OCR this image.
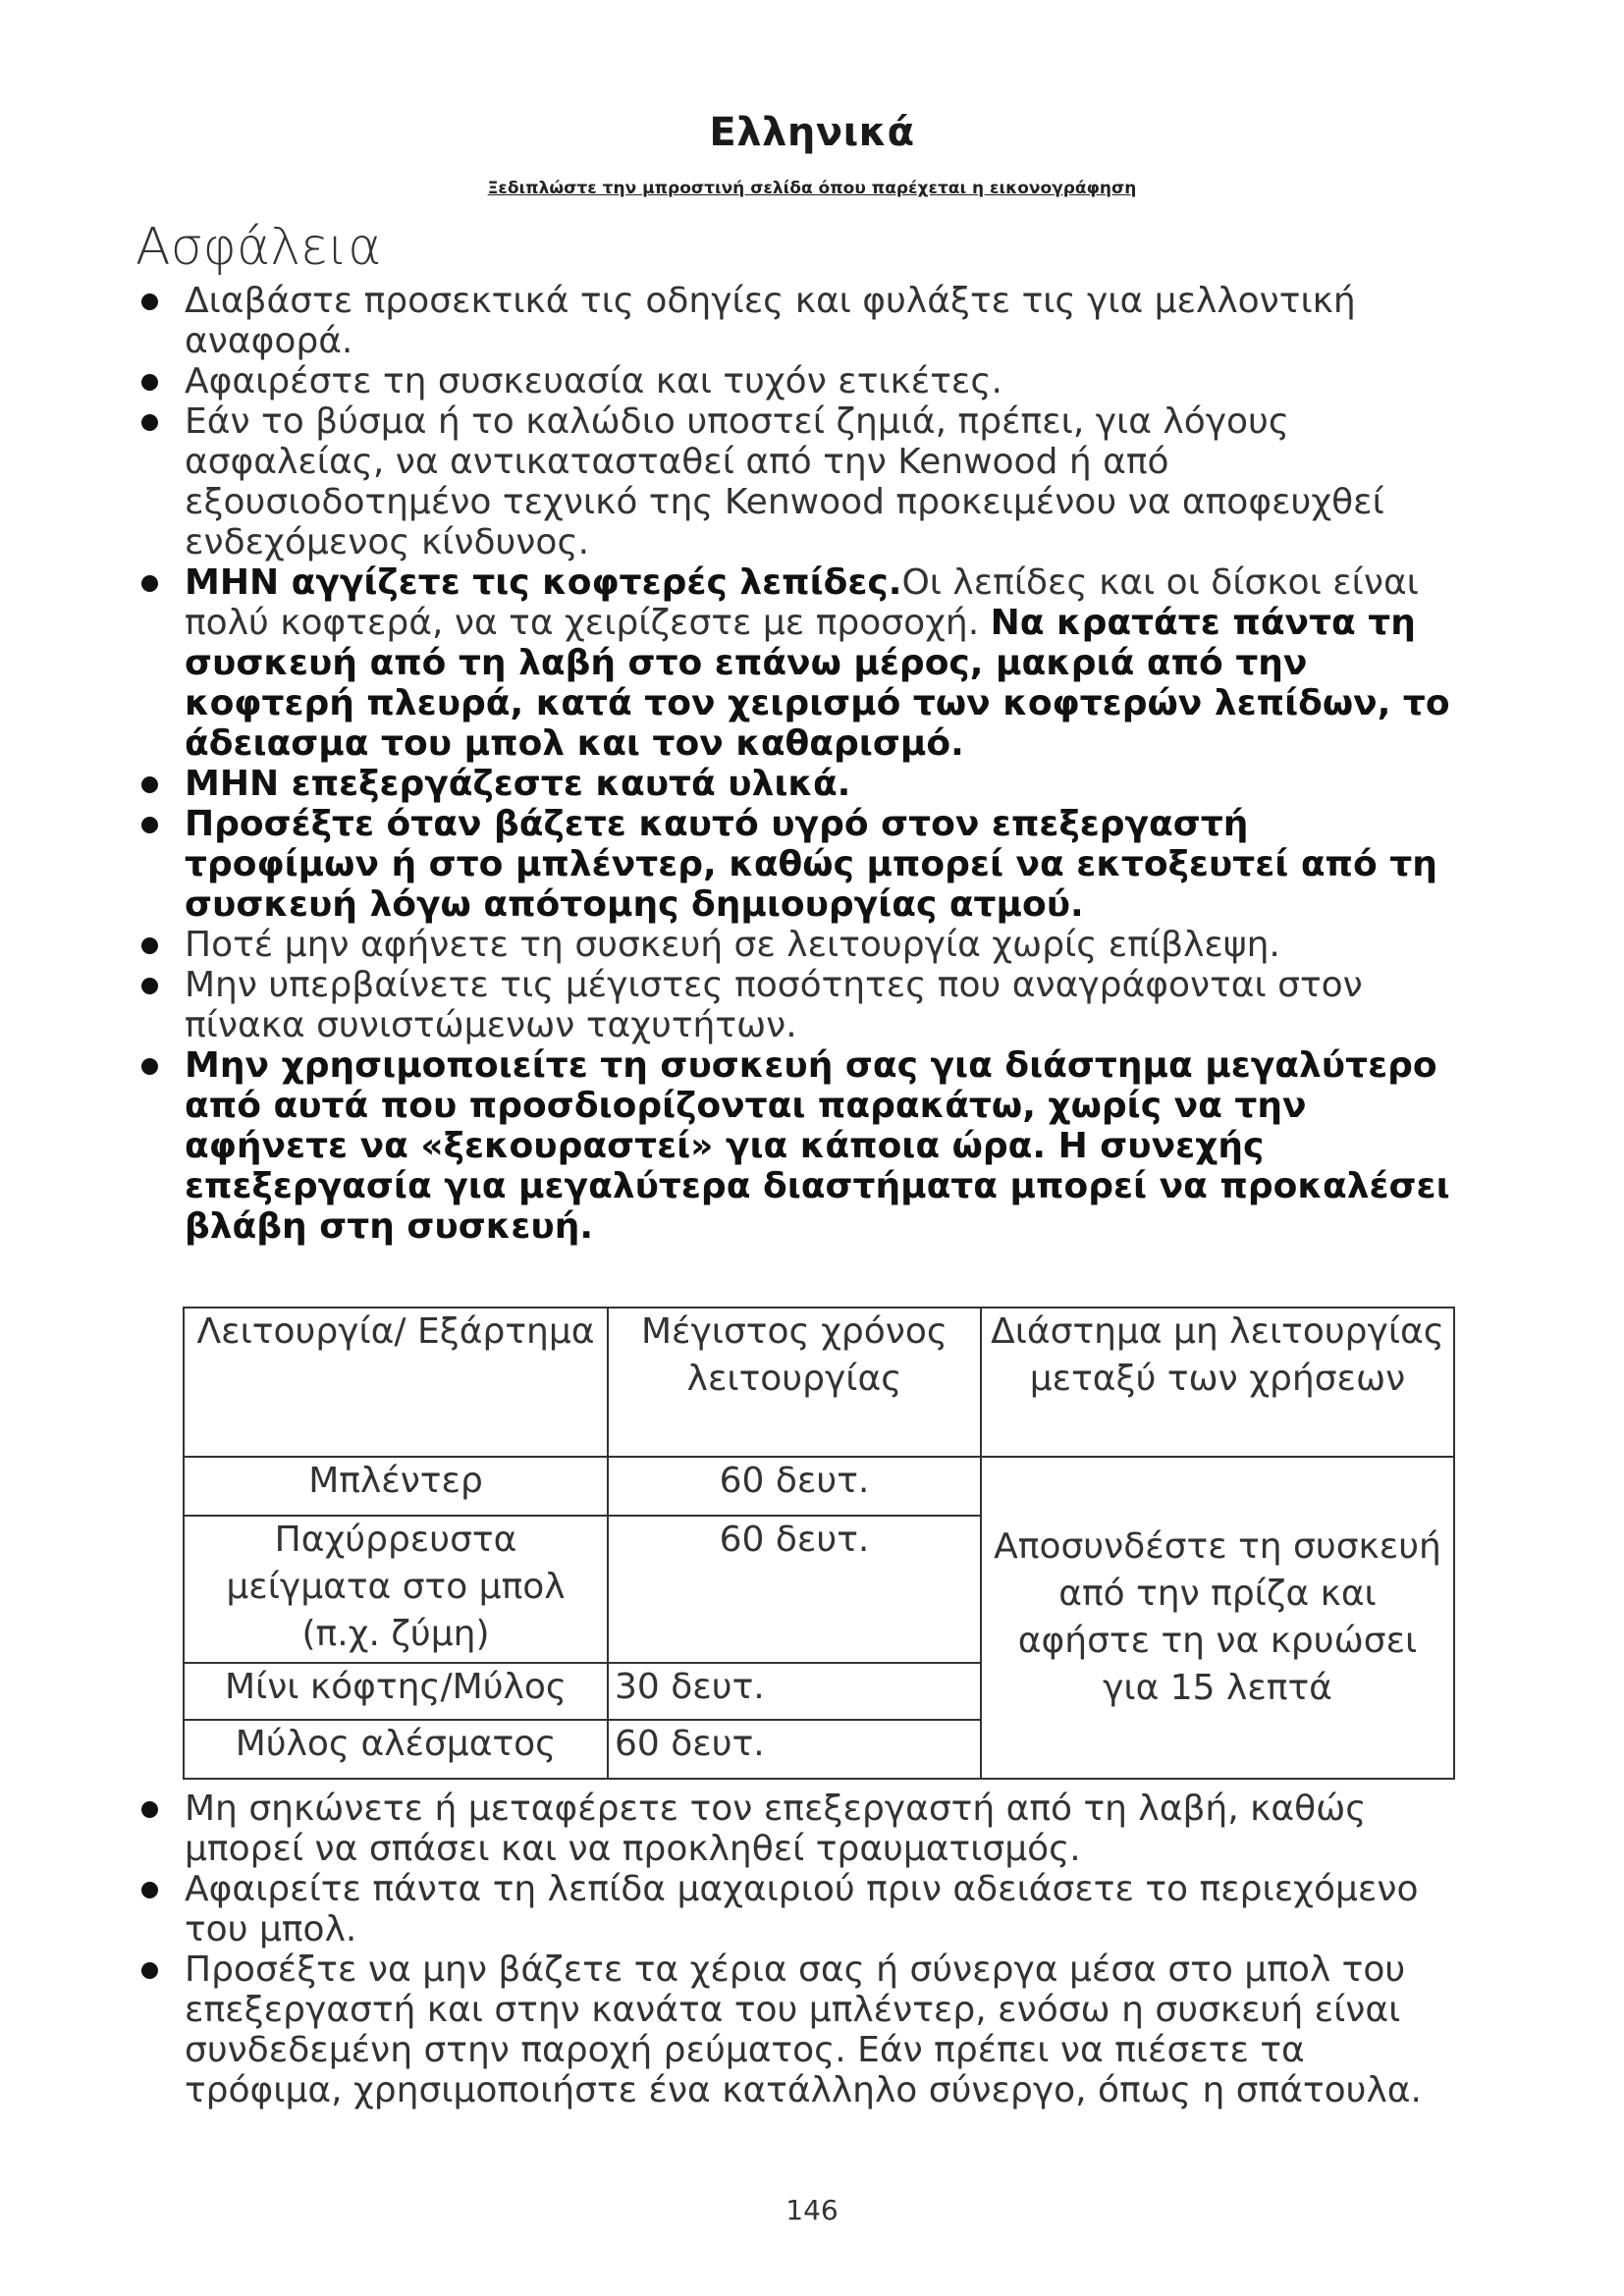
Ελληνικά
Ξεδιπλώστε την μπροστινή σελίδα όπου παρέχεται η εικονογράφηση
Ασφάλεια
Διαβάστε προσεκτικά τις οδηγίες και φυλάξτε τις για μελλοντική αναφορά.
Αφαιρέστε τη συσκευασία και τυχόν ετικέτες.
Εάν το βύσμα ή το καλώδιο υποστεί ζημιά, πρέπει, για λόγους ασφαλείας, να αντικατασταθεί από την Kenwood ή από εξουσιοδοτημένο τεχνικό της Kenwood προκειμένου να αποφευχθεί ενδεχόμενος κίνδυνος.
ΜΗΝ αγγίζετε τις κοφτερές λεπίδες.Οι λεπίδες και οι δίσκοι είναι πολύ κοφτερά, να τα χειρίζεστε με προσοχή. Να κρατάτε πάντα τη συσκευή από τη λαβή στο επάνω μέρος, μακριά από την κοφτερή πλευρά, κατά τον χειρισμό των κοφτερών λεπίδων, το άδειασμα του μπολ και τον καθαρισμό.
ΜΗΝ επεξεργάζεστε καυτά υλικά.
Προσέξτε όταν βάζετε καυτό υγρό στον επεξεργαστή τροφίμων ή στο μπλέντερ, καθώς μπορεί να εκτοξευτεί από τη συσκευή λόγω απότομης δημιουργίας ατμού.
Ποτέ μην αφήνετε τη συσκευή σε λειτουργία χωρίς επίβλεψη.
Μην υπερβαίνετε τις μέγιστες ποσότητες που αναγράφονται στον πίνακα συνιστώμενων ταχυτήτων.
Μην χρησιμοποιείτε τη συσκευή σας για διάστημα μεγαλύτερο από αυτά που προσδιορίζονται παρακάτω, χωρίς να την αφήνετε να «ξεκουραστεί» για κάποια ώρα. Η συνεχής επεξεργασία για μεγαλύτερα διαστήματα μπορεί να προκαλέσει βλάβη στη συσκευή.
Λειτουργία/ Εξάρτημα	Μέγιστος χρόνος λειτουργίας	Διάστημα μη λειτουργίας μεταξύ των χρήσεων
Μπλέντερ	60 δευτ.	Αποσυνδέστε τη συσκευή από την πρίζα και αφήστε τη να κρυώσει για 15 λεπτά
Παχύρρευστα μείγματα στο μπολ (π.χ. ζύμη)	60 δευτ.	
Μίνι κόφτης/Μύλος	30 δευτ.	
Μύλος αλέσματος	60 δευτ.	
Μη σηκώνετε ή μεταφέρετε τον επεξεργαστή από τη λαβή, καθώς μπορεί να σπάσει και να προκληθεί τραυματισμός.
Αφαιρείτε πάντα τη λεπίδα μαχαιριού πριν αδειάσετε το περιεχόμενο του μπολ.
Προσέξτε να μην βάζετε τα χέρια σας ή σύνεργα μέσα στο μπολ του επεξεργαστή και στην κανάτα του μπλέντερ, ενόσω η συσκευή είναι συνδεδεμένη στην παροχή ρεύματος. Εάν πρέπει να πιέσετε τα τρόφιμα, χρησιμοποιήστε ένα κατάλληλο σύνεργο, όπως η σπάτουλα.
146
